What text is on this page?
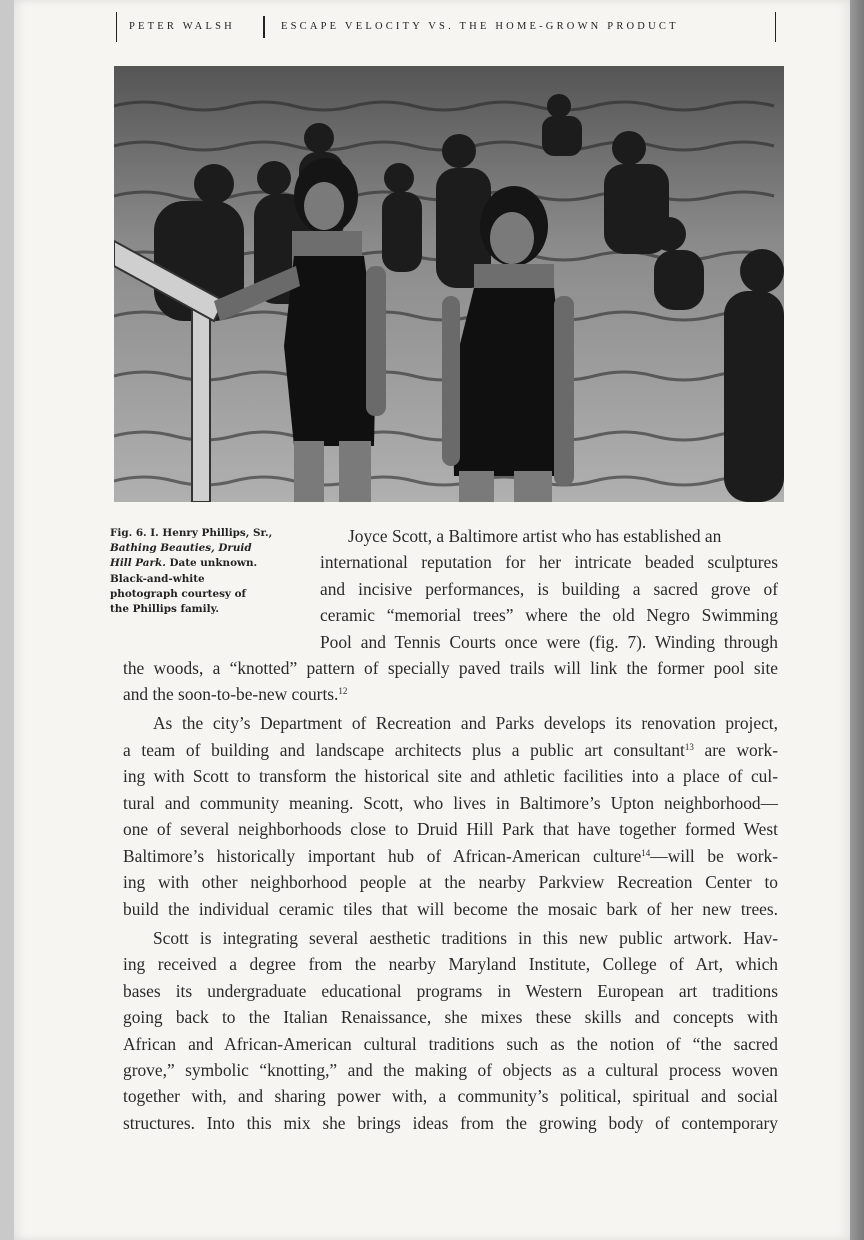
PETER WALSH	ESCAPE VELOCITY VS. THE HOME-GROWN PRODUCT
Fig. 6. I. Henry Phillips, Sr.,
Bathing Beauties, Druid
Hill Park. Date unknown.
Black-and-white
photograph courtesy of
the Phillips family.
Joyce Scott, a Baltimore artist who has established an
international reputation for her intricate beaded sculptures
and incisive performances, is building a sacred grove of
ceramic “memorial trees” where the old Negro Swimming
Pool and Tennis Courts once were (fig. 7). Winding through
the woods, a “knotted” pattern of specially paved trails will link the former pool site
and the soon-to-be-new courts.$^{12}$
As the city’s Department of Recreation and Parks develops its renovation project,
a team of building and landscape architects plus a public art consultant$^{13}$ are work-
ing with Scott to transform the historical site and athletic facilities into a place of cul-
tural and community meaning. Scott, who lives in Baltimore’s Upton neighborhood—
one of several neighborhoods close to Druid Hill Park that have together formed West
Baltimore’s historically important hub of African-American culture$^{14}$—will be work-
ing with other neighborhood people at the nearby Parkview Recreation Center to
build the individual ceramic tiles that will become the mosaic bark of her new trees.
Scott is integrating several aesthetic traditions in this new public artwork. Hav-
ing received a degree from the nearby Maryland Institute, College of Art, which
bases its undergraduate educational programs in Western European art traditions
going back to the Italian Renaissance, she mixes these skills and concepts with
African and African-American cultural traditions such as the notion of “the sacred
grove,” symbolic “knotting,” and the making of objects as a cultural process woven
together with, and sharing power with, a community’s political, spiritual and social
structures. Into this mix she brings ideas from the growing body of contemporary
